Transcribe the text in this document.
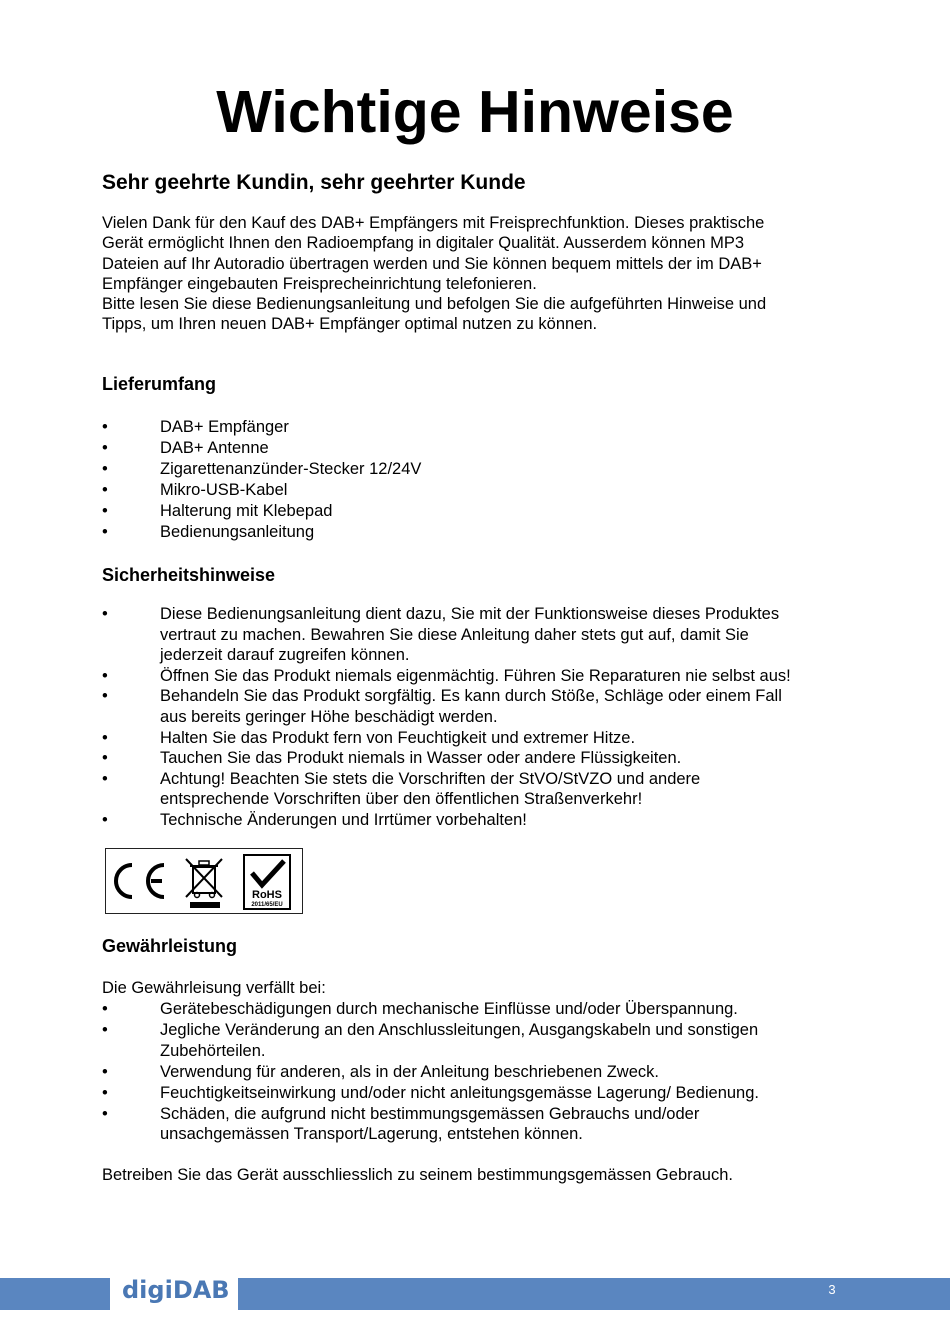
Wichtige Hinweise
Sehr geehrte Kundin, sehr geehrter Kunde
Vielen Dank für den Kauf des DAB+ Empfängers mit Freisprechfunktion. Dieses praktische
Gerät ermöglicht Ihnen den Radioempfang in digitaler Qualität. Ausserdem können MP3
Dateien auf Ihr Autoradio übertragen werden und Sie können bequem mittels der im DAB+
Empfänger eingebauten Freisprecheinrichtung telefonieren.
Bitte lesen Sie diese Bedienungsanleitung und befolgen Sie die aufgeführten Hinweise und
Tipps, um Ihren neuen DAB+ Empfänger optimal nutzen zu können.
Lieferumfang
• DAB+ Empfänger
• DAB+ Antenne
• Zigarettenanzünder-Stecker 12/24V
• Mikro-USB-Kabel
• Halterung mit Klebepad
• Bedienungsanleitung
Sicherheitshinweise
• Diese Bedienungsanleitung dient dazu, Sie mit der Funktionsweise dieses Produktes
vertraut zu machen. Bewahren Sie diese Anleitung daher stets gut auf, damit Sie
jederzeit darauf zugreifen können.
• Öffnen Sie das Produkt niemals eigenmächtig. Führen Sie Reparaturen nie selbst aus!
• Behandeln Sie das Produkt sorgfältig. Es kann durch Stöße, Schläge oder einem Fall
aus bereits geringer Höhe beschädigt werden.
• Halten Sie das Produkt fern von Feuchtigkeit und extremer Hitze.
• Tauchen Sie das Produkt niemals in Wasser oder andere Flüssigkeiten.
• Achtung! Beachten Sie stets die Vorschriften der StVO/StVZO und andere
entsprechende Vorschriften über den öffentlichen Straßenverkehr!
• Technische Änderungen und Irrtümer vorbehalten!
RoHS
2011/65/EU
Gewährleistung
Die Gewährleisung verfällt bei:
• Gerätebeschädigungen durch mechanische Einflüsse und/oder Überspannung.
• Jegliche Veränderung an den Anschlussleitungen, Ausgangskabeln und sonstigen
Zubehörteilen.
• Verwendung für anderen, als in der Anleitung beschriebenen Zweck.
• Feuchtigkeitseinwirkung und/oder nicht anleitungsgemässe Lagerung/ Bedienung.
• Schäden, die aufgrund nicht bestimmungsgemässen Gebrauchs und/oder
unsachgemässen Transport/Lagerung, entstehen können.
Betreiben Sie das Gerät ausschliesslich zu seinem bestimmungsgemässen Gebrauch.
digiDAB	3
